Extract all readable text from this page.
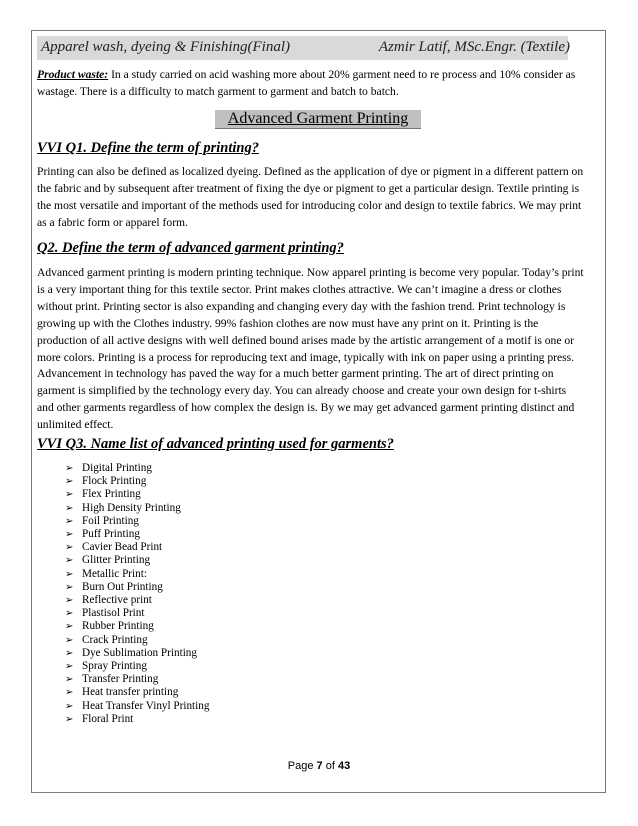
Apparel wash, dyeing & Finishing(Final)	Azmir Latif, MSc.Engr. (Textile)
Product waste: In a study carried on acid washing more about 20% garment need to re process and 10% consider as wastage. There is a difficulty to match garment to garment and batch to batch.
Advanced Garment Printing
VVI Q1. Define the term of printing?
Printing can also be defined as localized dyeing. Defined as the application of dye or pigment in a different pattern on the fabric and by subsequent after treatment of fixing the dye or pigment to get a particular design. Textile printing is the most versatile and important of the methods used for introducing color and design to textile fabrics. We may print as a fabric form or apparel form.
Q2. Define the term of advanced garment printing?
Advanced garment printing is modern printing technique. Now apparel printing is become very popular. Today’s print is a very important thing for this textile sector. Print makes clothes attractive. We can’t imagine a dress or clothes without print. Printing sector is also expanding and changing every day with the fashion trend. Print technology is growing up with the Clothes industry. 99% fashion clothes are now must have any print on it. Printing is the production of all active designs with well defined bound arises made by the artistic arrangement of a motif is one or more colors. Printing is a process for reproducing text and image, typically with ink on paper using a printing press. Advancement in technology has paved the way for a much better garment printing. The art of direct printing on garment is simplified by the technology every day. You can already choose and create your own design for t-shirts and other garments regardless of how complex the design is. By we may get advanced garment printing distinct and unlimited effect.
VVI Q3. Name list of advanced printing used for garments?
➢ Digital Printing
➢ Flock Printing
➢ Flex Printing
➢ High Density Printing
➢ Foil Printing
➢ Puff Printing
➢ Cavier Bead Print
➢ Glitter Printing
➢ Metallic Print:
➢ Burn Out Printing
➢ Reflective print
➢ Plastisol Print
➢ Rubber Printing
➢ Crack Printing
➢ Dye Sublimation Printing
➢ Spray Printing
➢ Transfer Printing
➢ Heat transfer printing
➢ Heat Transfer Vinyl Printing
➢ Floral Print
Page 7 of 43
